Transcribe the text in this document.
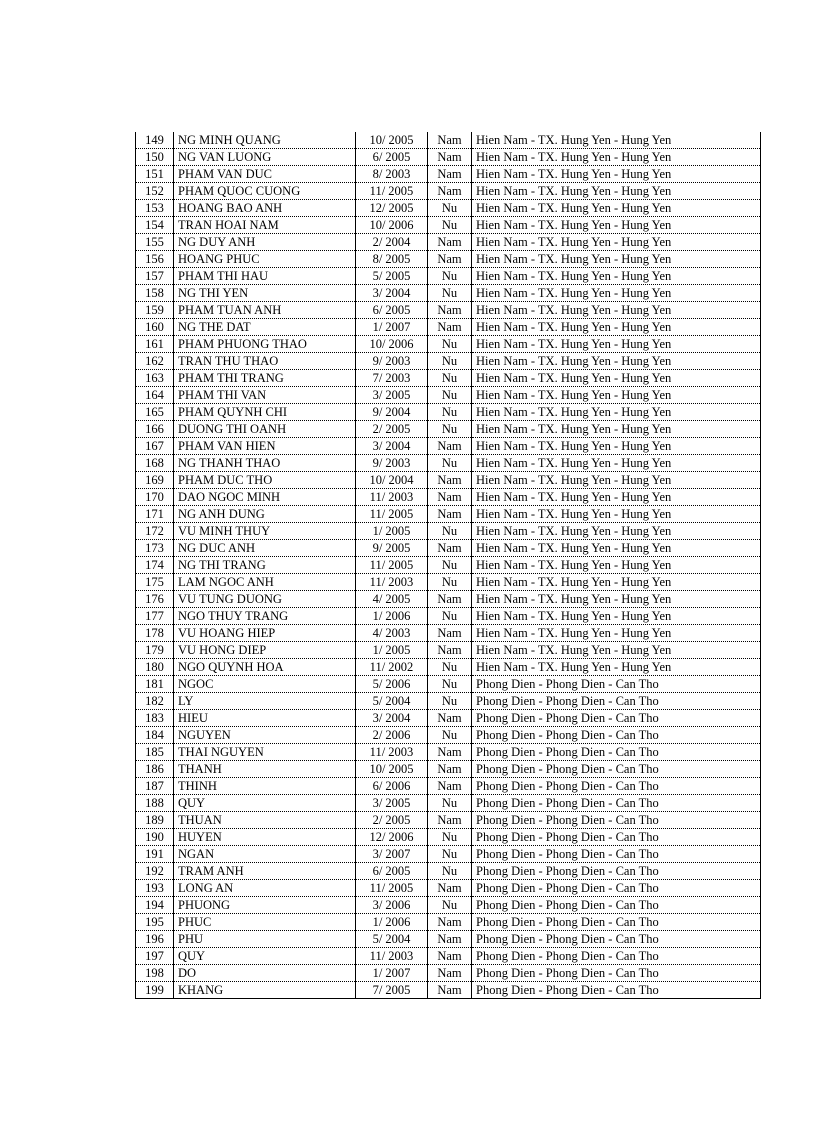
149	NG MINH QUANG	10/ 2005	Nam	Hien Nam - TX. Hung Yen - Hung Yen
150	NG VAN LUONG	6/ 2005	Nam	Hien Nam - TX. Hung Yen - Hung Yen
151	PHAM VAN DUC	8/ 2003	Nam	Hien Nam - TX. Hung Yen - Hung Yen
152	PHAM QUOC CUONG	11/ 2005	Nam	Hien Nam - TX. Hung Yen - Hung Yen
153	HOANG BAO ANH	12/ 2005	Nu	Hien Nam - TX. Hung Yen - Hung Yen
154	TRAN HOAI NAM	10/ 2006	Nu	Hien Nam - TX. Hung Yen - Hung Yen
155	NG DUY ANH	2/ 2004	Nam	Hien Nam - TX. Hung Yen - Hung Yen
156	HOANG PHUC	8/ 2005	Nam	Hien Nam - TX. Hung Yen - Hung Yen
157	PHAM THI HAU	5/ 2005	Nu	Hien Nam - TX. Hung Yen - Hung Yen
158	NG THI YEN	3/ 2004	Nu	Hien Nam - TX. Hung Yen - Hung Yen
159	PHAM TUAN ANH	6/ 2005	Nam	Hien Nam - TX. Hung Yen - Hung Yen
160	NG THE DAT	1/ 2007	Nam	Hien Nam - TX. Hung Yen - Hung Yen
161	PHAM PHUONG THAO	10/ 2006	Nu	Hien Nam - TX. Hung Yen - Hung Yen
162	TRAN THU THAO	9/ 2003	Nu	Hien Nam - TX. Hung Yen - Hung Yen
163	PHAM THI TRANG	7/ 2003	Nu	Hien Nam - TX. Hung Yen - Hung Yen
164	PHAM THI VAN	3/ 2005	Nu	Hien Nam - TX. Hung Yen - Hung Yen
165	PHAM QUYNH CHI	9/ 2004	Nu	Hien Nam - TX. Hung Yen - Hung Yen
166	DUONG THI OANH	2/ 2005	Nu	Hien Nam - TX. Hung Yen - Hung Yen
167	PHAM VAN HIEN	3/ 2004	Nam	Hien Nam - TX. Hung Yen - Hung Yen
168	NG THANH THAO	9/ 2003	Nu	Hien Nam - TX. Hung Yen - Hung Yen
169	PHAM DUC THO	10/ 2004	Nam	Hien Nam - TX. Hung Yen - Hung Yen
170	DAO NGOC MINH	11/ 2003	Nam	Hien Nam - TX. Hung Yen - Hung Yen
171	NG ANH DUNG	11/ 2005	Nam	Hien Nam - TX. Hung Yen - Hung Yen
172	VU MINH THUY	1/ 2005	Nu	Hien Nam - TX. Hung Yen - Hung Yen
173	NG DUC ANH	9/ 2005	Nam	Hien Nam - TX. Hung Yen - Hung Yen
174	NG THI TRANG	11/ 2005	Nu	Hien Nam - TX. Hung Yen - Hung Yen
175	LAM NGOC ANH	11/ 2003	Nu	Hien Nam - TX. Hung Yen - Hung Yen
176	VU TUNG DUONG	4/ 2005	Nam	Hien Nam - TX. Hung Yen - Hung Yen
177	NGO THUY TRANG	1/ 2006	Nu	Hien Nam - TX. Hung Yen - Hung Yen
178	VU HOANG HIEP	4/ 2003	Nam	Hien Nam - TX. Hung Yen - Hung Yen
179	VU HONG DIEP	1/ 2005	Nam	Hien Nam - TX. Hung Yen - Hung Yen
180	NGO QUYNH HOA	11/ 2002	Nu	Hien Nam - TX. Hung Yen - Hung Yen
181	NGOC	5/ 2006	Nu	Phong Dien - Phong Dien - Can Tho
182	LY	5/ 2004	Nu	Phong Dien - Phong Dien - Can Tho
183	HIEU	3/ 2004	Nam	Phong Dien - Phong Dien - Can Tho
184	NGUYEN	2/ 2006	Nu	Phong Dien - Phong Dien - Can Tho
185	THAI NGUYEN	11/ 2003	Nam	Phong Dien - Phong Dien - Can Tho
186	THANH	10/ 2005	Nam	Phong Dien - Phong Dien - Can Tho
187	THINH	6/ 2006	Nam	Phong Dien - Phong Dien - Can Tho
188	QUY	3/ 2005	Nu	Phong Dien - Phong Dien - Can Tho
189	THUAN	2/ 2005	Nam	Phong Dien - Phong Dien - Can Tho
190	HUYEN	12/ 2006	Nu	Phong Dien - Phong Dien - Can Tho
191	NGAN	3/ 2007	Nu	Phong Dien - Phong Dien - Can Tho
192	TRAM ANH	6/ 2005	Nu	Phong Dien - Phong Dien - Can Tho
193	LONG AN	11/ 2005	Nam	Phong Dien - Phong Dien - Can Tho
194	PHUONG	3/ 2006	Nu	Phong Dien - Phong Dien - Can Tho
195	PHUC	1/ 2006	Nam	Phong Dien - Phong Dien - Can Tho
196	PHU	5/ 2004	Nam	Phong Dien - Phong Dien - Can Tho
197	QUY	11/ 2003	Nam	Phong Dien - Phong Dien - Can Tho
198	DO	1/ 2007	Nam	Phong Dien - Phong Dien - Can Tho
199	KHANG	7/ 2005	Nam	Phong Dien - Phong Dien - Can Tho
